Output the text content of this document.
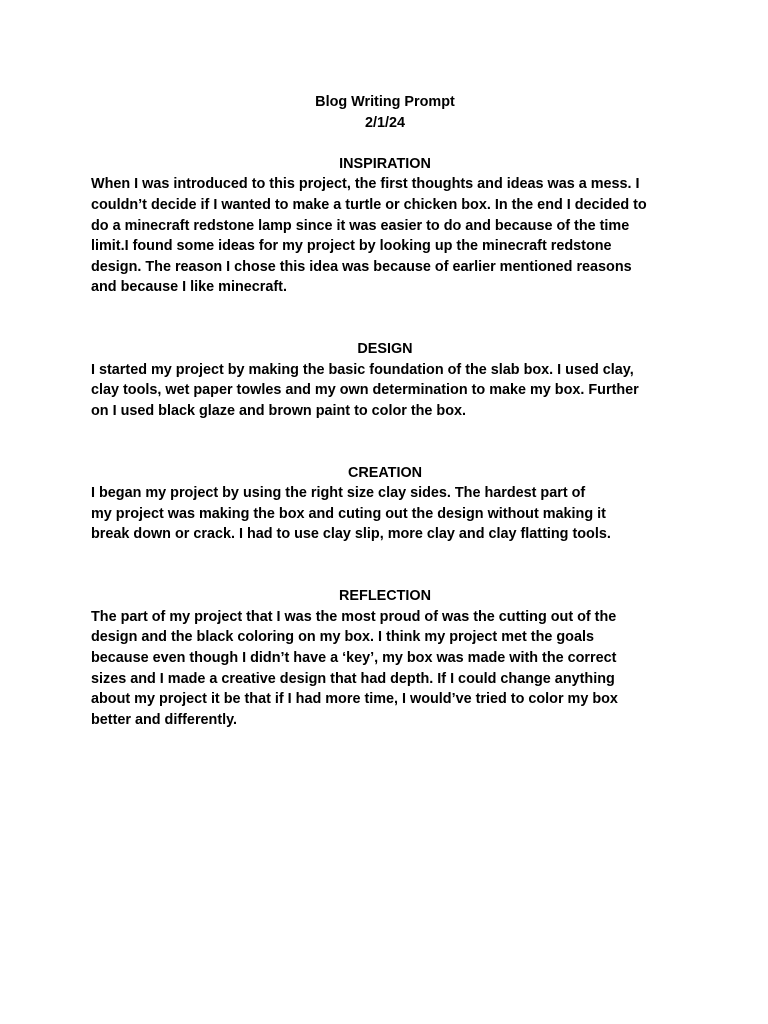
Blog Writing Prompt

2/1/24

INSPIRATION

When I was introduced to this project, the first thoughts and ideas was a mess. I
couldn’t decide if I wanted to make a turtle or chicken box. In the end I decided to
do a minecraft redstone lamp since it was easier to do and because of the time
limit.I found some ideas for my project by looking up the minecraft redstone
design. The reason I chose this idea was because of earlier mentioned reasons
and because I like minecraft.

DESIGN

I started my project by making the basic foundation of the slab box. I used clay,
clay tools, wet paper towles and my own determination to make my box. Further
on I used black glaze and brown paint to color the box.

CREATION

I began my project by using the right size clay sides. The hardest part of
my project was making the box and cuting out the design without making it
break down or crack. I had to use clay slip, more clay and clay flatting tools.

REFLECTION

The part of my project that I was the most proud of was the cutting out of the
design and the black coloring on my box. I think my project met the goals
because even though I didn’t have a ‘key’, my box was made with the correct
sizes and I made a creative design that had depth. If I could change anything
about my project it be that if I had more time, I would’ve tried to color my box
better and differently.
